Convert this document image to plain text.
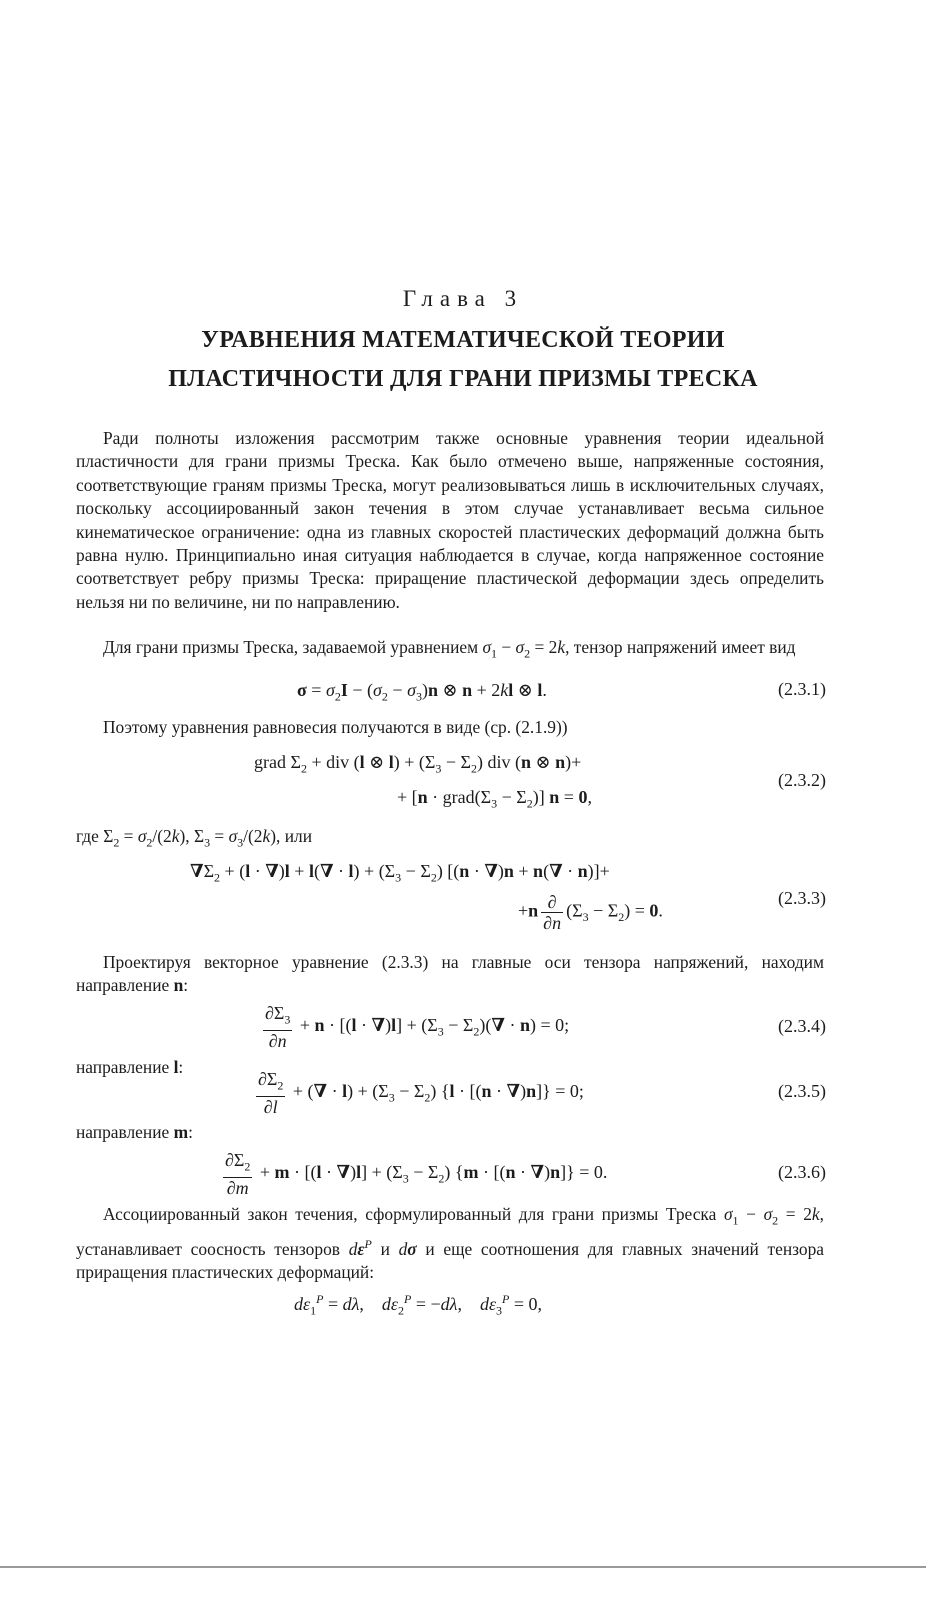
Глава 3
УРАВНЕНИЯ МАТЕМАТИЧЕСКОЙ ТЕОРИИ
ПЛАСТИЧНОСТИ ДЛЯ ГРАНИ ПРИЗМЫ ТРЕСКА
Ради полноты изложения рассмотрим также основные уравнения теории идеальной пластичности для грани призмы Треска. Как было отмечено выше, напряженные состояния, соответствующие граням призмы Треска, могут реализовываться лишь в исключительных случаях, поскольку ассоциированный закон течения в этом случае устанавливает весьма сильное кинематическое ограничение: одна из главных скоростей пластических деформаций должна быть равна нулю. Принципиально иная ситуация наблюдается в случае, когда напряженное состояние соответствует ребру призмы Треска: приращение пластической деформации здесь определить нельзя ни по величине, ни по направлению.
Для грани призмы Треска, задаваемой уравнением $\sigma_1 - \sigma_2 = 2k$, тензор напряжений имеет вид
$\sigma = \sigma_2I - (\sigma_2 - \sigma_3)n$ ⊗ n + 2kl ⊗ l.	(2.3.1)
Поэтому уравнения равновесия получаются в виде (ср. (2.1.9))
grad $\Sigma_2$ + div (l ⊗ $l) + (\Sigma_3 - \Sigma_2)$ div (n ⊗ n)+
+ $[n \cdot grad(\Sigma_3 - \Sigma_2)]$ n = 0,
(2.3.2)
где $\Sigma_2 = \sigma_2/(2k)$, $\Sigma_3 = \sigma_3/(2k)$, или
$\nabla\Sigma_2 + (l \cdot \nabla)l + l(\nabla \cdot l) + (\Sigma_3 - \Sigma_2) [(n \cdot \nabla)n + n(\nabla \cdot n)]+$
$+n \frac{\partial}{\partial n} (\Sigma_3 - \Sigma_2) = 0$.
(2.3.3)
Проектируя векторное уравнение (2.3.3) на главные оси тензора напряжений, находим направление n:
$\frac{\partial\Sigma_3}{\partial n} + n \cdot [(l \cdot \nabla)l] + (\Sigma_3 - \Sigma_2)(\nabla \cdot n) = 0$;	(2.3.4)
направление l:
$\frac{\partial\Sigma_2}{\partial l}$ + (∇ · $l) + (\Sigma_3 - \Sigma_2) \{l \cdot [(n \cdot \nabla)n]\} = 0$;	(2.3.5)
направление m:
$\frac{\partial\Sigma_2}{\partial m} + m \cdot [(l \cdot \nabla)l] + (\Sigma_3 - \Sigma_2) \{m \cdot [(n \cdot \nabla)n]\} = 0$.	(2.3.6)
Ассоциированный закон течения, сформулированный для грани призмы Треска $\sigma_1 - \sigma_2 = 2k$, устанавливает соосность тензоров $d\varepsilon^P$ и dσ и еще соотношения для главных значений тензора приращения пластических деформаций:
$d\varepsilon_1^P = d\lambda$,    $d\varepsilon_2^P = -d\lambda$,    $d\varepsilon_3^P = 0$,
